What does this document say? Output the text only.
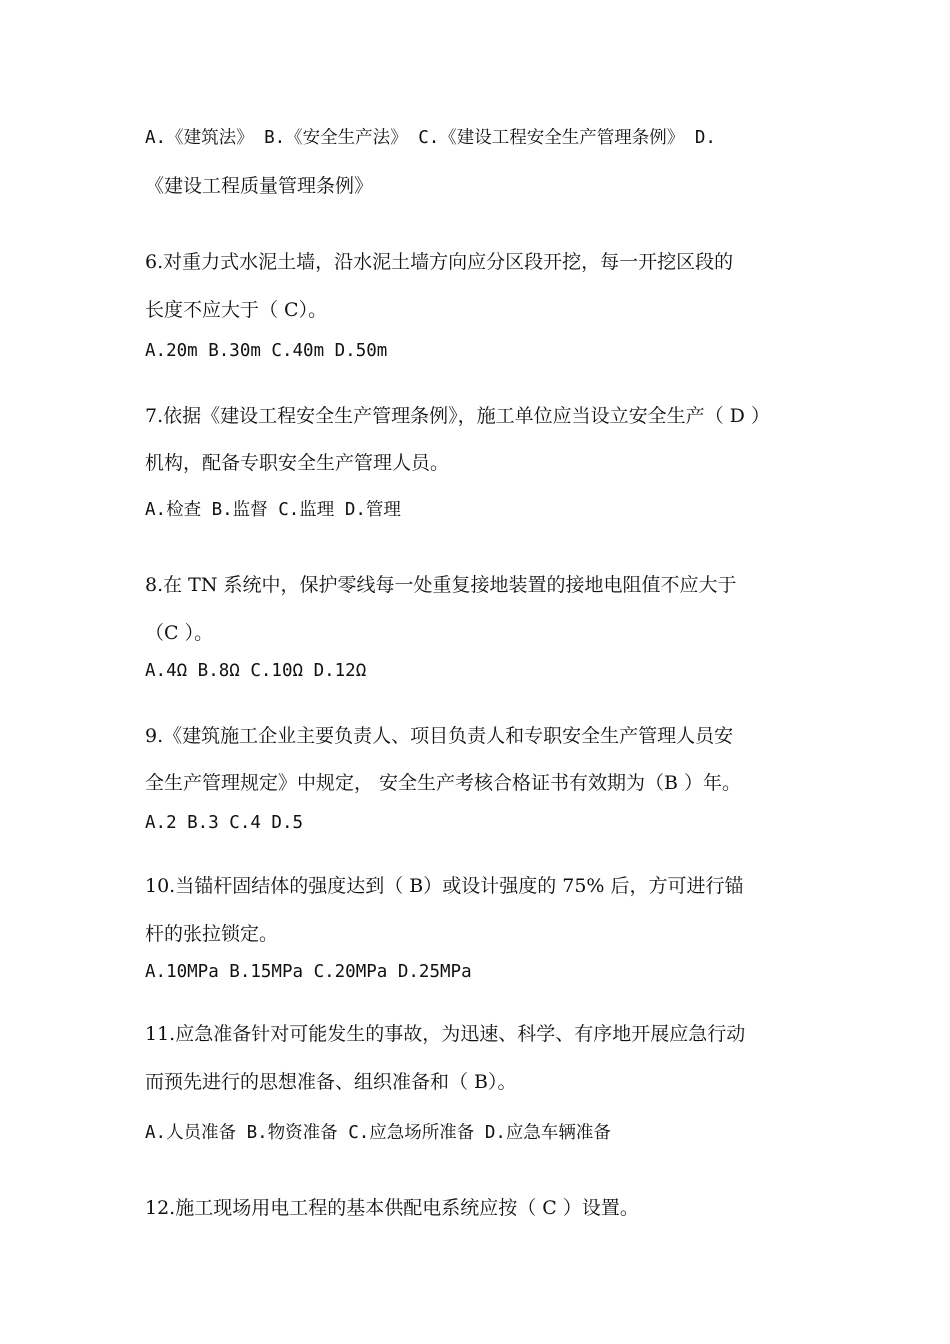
A.《建筑法》 B.《安全生产法》 C.《建设工程安全生产管理条例》 D.
《建设工程质量管理条例》
6.对重力式水泥土墙，沿水泥土墙方向应分区段开挖，每一开挖区段的
长度不应大于（ C）。
A.20m B.30m C.40m D.50m
7.依据《建设工程安全生产管理条例》，施工单位应当设立安全生产（ D ）
机构，配备专职安全生产管理人员。
A.检查 B.监督 C.监理 D.管理
8.在 TN 系统中，保护零线每一处重复接地装置的接地电阻值不应大于
（C ）。
A.4Ω B.8Ω C.10Ω D.12Ω
9.《建筑施工企业主要负责人、项目负责人和专职安全生产管理人员安
全生产管理规定》中规定， 安全生产考核合格证书有效期为（B ）年。
A.2 B.3 C.4 D.5
10.当锚杆固结体的强度达到（ B）或设计强度的 75% 后，方可进行锚
杆的张拉锁定。
A.10MPa B.15MPa C.20MPa D.25MPa
11.应急准备针对可能发生的事故，为迅速、科学、有序地开展应急行动
而预先进行的思想准备、组织准备和（ B）。
A.人员准备 B.物资准备 C.应急场所准备 D.应急车辆准备
12.施工现场用电工程的基本供配电系统应按（ C ）设置。
